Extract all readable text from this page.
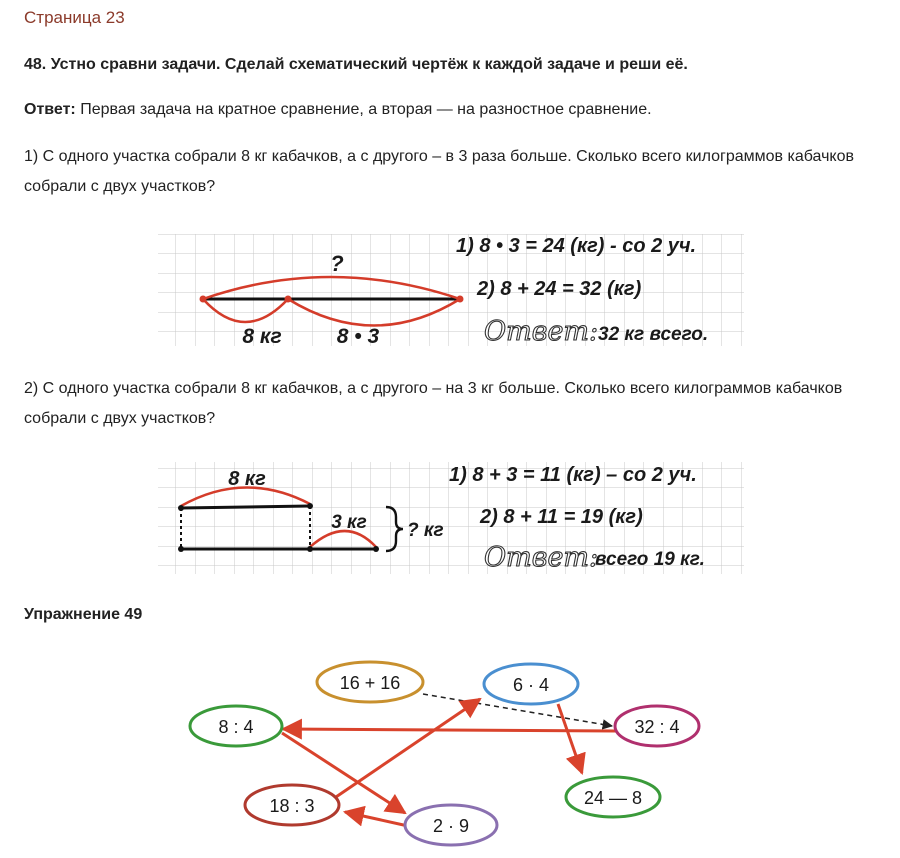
Страница 23

48. Устно сравни задачи. Сделай схематический чертёж к каждой задаче и реши её.

Ответ: Первая задача на кратное сравнение, а вторая — на разностное сравнение.

1) С одного участка собрали 8 кг кабачков, а с другого – в 3 раза больше. Сколько всего килограммов кабачков собрали с двух участков?

2) С одного участка собрали 8 кг кабачков, а с другого – на 3 кг больше. Сколько всего килограммов кабачков собрали с двух участков?

Упражнение 49

?
8 кг	8 • 3
1) 8 • 3 = 24 (кг) - со 2 уч.
2) 8 + 24 = 32 (кг)
Ответ: 32 кг всего.
8 кг
3 кг ? кг
1) 8 + 3 = 11 (кг) – со 2 уч.
2) 8 + 11 = 19 (кг)
Ответ:
всего 19 кг.
16 + 16	6 · 4
8 : 4	32 : 4
24 — 8
18 : 3
2 · 9
